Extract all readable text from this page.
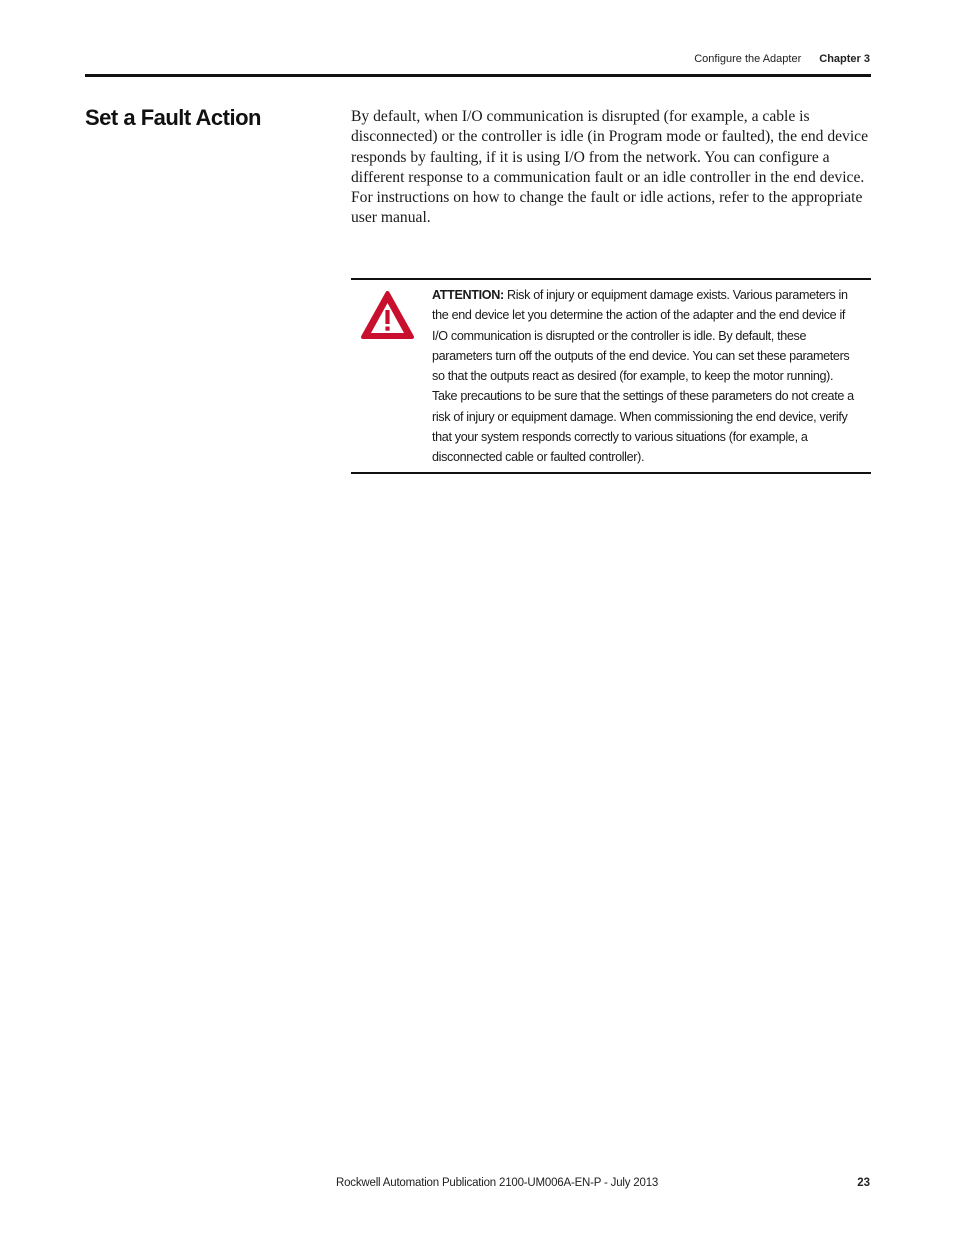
Configure the Adapter Chapter 3
Set a Fault Action	By default, when I/O communication is disrupted (for example, a cable is disconnected) or the controller is idle (in Program mode or faulted), the end device responds by faulting, if it is using I/O from the network. You can configure a different response to a communication fault or an idle controller in the end device. For instructions on how to change the fault or idle actions, refer to the appropriate user manual.

ATTENTION: Risk of injury or equipment damage exists. Various parameters in the end device let you determine the action of the adapter and the end device if I/O communication is disrupted or the controller is idle. By default, these parameters turn off the outputs of the end device. You can set these parameters so that the outputs react as desired (for example, to keep the motor running). Take precautions to be sure that the settings of these parameters do not create a risk of injury or equipment damage. When commissioning the end device, verify that your system responds correctly to various situations (for example, a disconnected cable or faulted controller).

Rockwell Automation Publication 2100-UM006A-EN-P - July 2013	23
